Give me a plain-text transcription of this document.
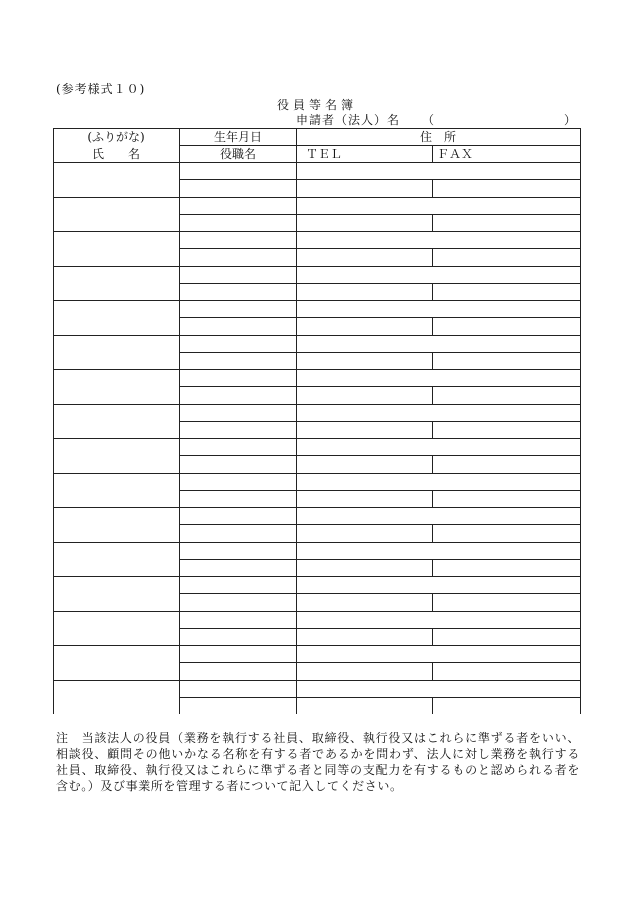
(参考様式１０)
役員等名簿
申請者（法人）名 （	）
(ふりがな)
氏　　名
生年月日	住　所
役職名	ＴＥＬ	ＦＡＸ
注　当該法人の役員（業務を執行する社員、取締役、執行役又はこれらに準ずる者をいい、相談役、顧問その他いかなる名称を有する者であるかを問わず、法人に対し業務を執行する社員、取締役、執行役又はこれらに準ずる者と同等の支配力を有するものと認められる者を含む。）及び事業所を管理する者について記入してください。
